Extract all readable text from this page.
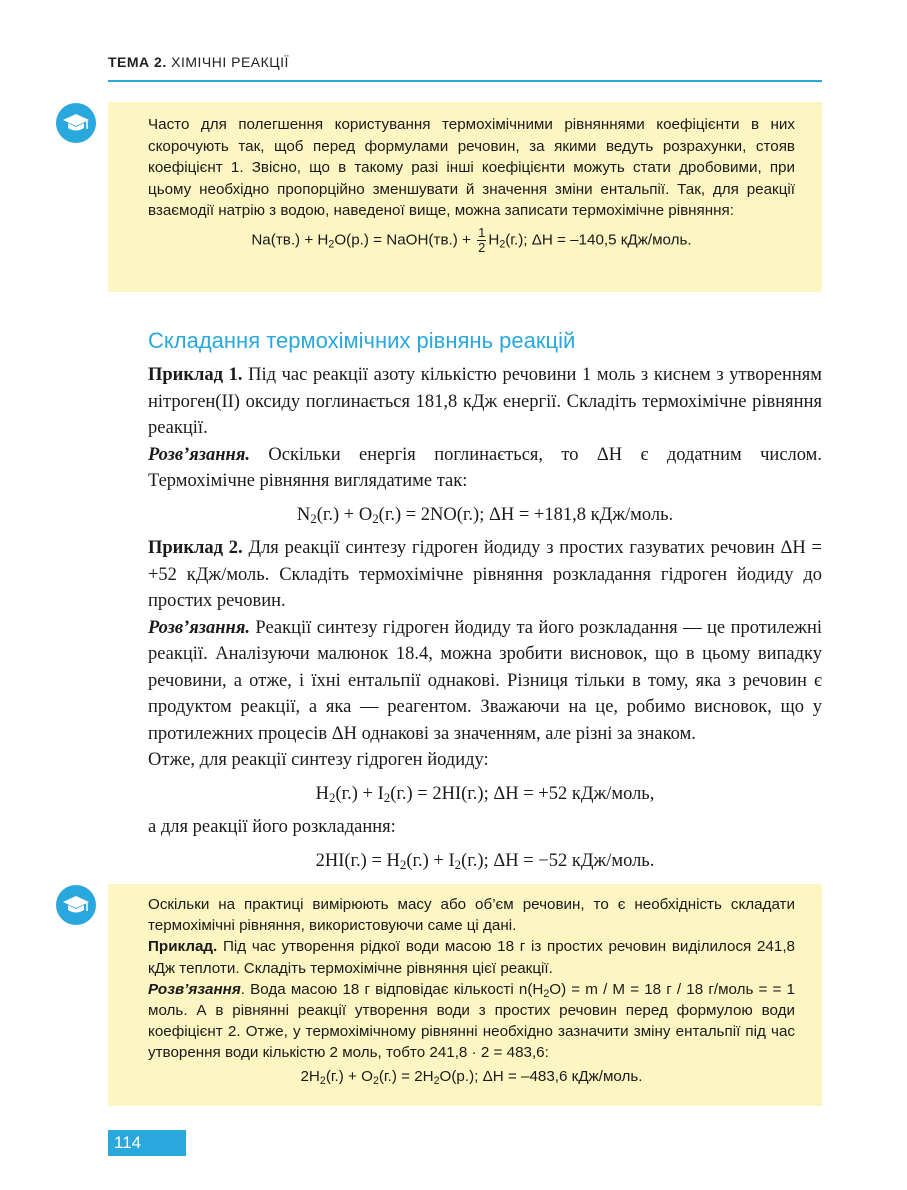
ТЕМА 2. ХІМІЧНІ РЕАКЦІЇ

Часто для полегшення користування термохімічними рівняннями коефіцієнти в них скорочують так, щоб перед формулами речовин, за якими ведуть розрахунки, стояв коефіцієнт 1. Звісно, що в такому разі інші коефіцієнти можуть стати дробовими, при цьому необхідно пропорційно зменшувати й значення зміни ентальпії. Так, для реакції взаємодії натрію з водою, наведеної вище, можна записати термохімічне рівняння:

$Na(тв.) + H_2O(р.)$ = NaOH(тв.) + $\frac{1}{2} H_2(г.)$; ΔH = –140,5 кДж/моль.

Складання термохімічних рівнянь реакцій

Приклад 1. Під час реакції азоту кількістю речовини 1 моль з киснем з утворенням нітроген(II) оксиду поглинається 181,8 кДж енергії. Складіть термохімічне рівняння реакції.

Розв’язання. Оскільки енергія поглинається, то ΔH є додатним числом. Термохімічне рівняння виглядатиме так:

$N_2(г.) + O_2(г.) = 2NO(г.)$; ΔH = +181,8 кДж/моль.

Приклад 2. Для реакції синтезу гідроген йодиду з простих газуватих речовин ΔH = +52 кДж/моль. Складіть термохімічне рівняння розкладання гідроген йодиду до простих речовин.

Розв’язання. Реакції синтезу гідроген йодиду та його розкладання — це протилежні реакції. Аналізуючи малюнок 18.4, можна зробити висновок, що в цьому випадку речовини, а отже, і їхні ентальпії однакові. Різниця тільки в тому, яка з речовин є продуктом реакції, а яка — реагентом. Зважаючи на це, робимо висновок, що у протилежних процесів ΔH однакові за значенням, але різні за знаком.

Отже, для реакції синтезу гідроген йодиду:

$H_2(г.) + I_2(г.) = 2HI(г.)$; ΔH = +52 кДж/моль,

а для реакції його розкладання:

$2HI(г.) = H_2(г.) + I_2(г.)$; ΔH = −52 кДж/моль.

Оскільки на практиці вимірюють масу або об’єм речовин, то є необхідність складати термохімічні рівняння, використовуючи саме ці дані.

Приклад. Під час утворення рідкої води масою 18 г із простих речовин виділилося 241,8 кДж теплоти. Складіть термохімічне рівняння цієї реакції.

Розв’язання. Вода масою 18 г відповідає кількості $n(H_2O) = m / M = 18$ г / 18 г/моль = = 1 моль. А в рівнянні реакції утворення води з простих речовин перед формулою води коефіцієнт 2. Отже, у термохімічному рівнянні необхідно зазначити зміну ентальпії під час утворення води кількістю 2 моль, тобто 241,8 · 2 = 483,6:

$2H_2(г.) + O_2(г.) = 2H_2O(р.)$; ΔH = –483,6 кДж/моль.

114
